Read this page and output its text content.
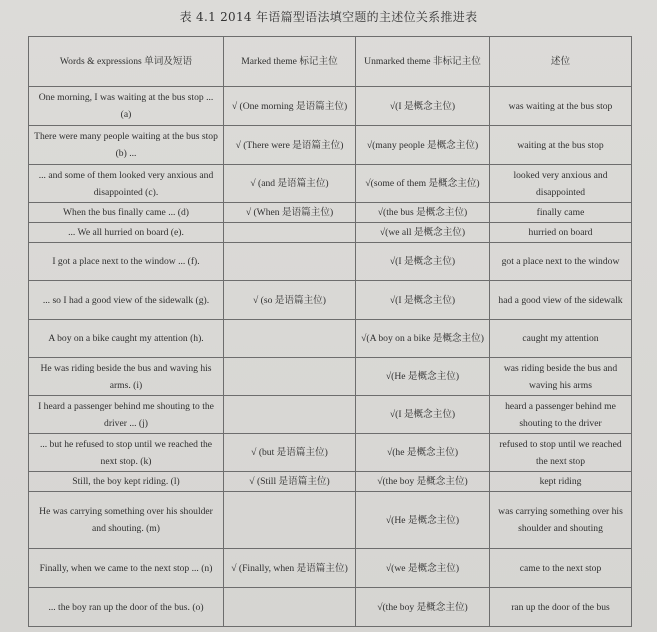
表 4.1 2014 年语篇型语法填空题的主述位关系推进表
Words & expressions 单词及短语	Marked theme 标记主位	Unmarked theme 非标记主位	述位
One morning, I was waiting at the bus stop ... (a)	√ (One morning 是语篇主位)	√(I 是概念主位)	was waiting at the bus stop
There were many people waiting at the bus stop (b) ...	√ (There were 是语篇主位)	√(many people 是概念主位)	waiting at the bus stop
... and some of them looked very anxious and disappointed (c).	√ (and 是语篇主位)	√(some of them 是概念主位)	looked very anxious and disappointed
When the bus finally came ... (d)	√ (When 是语篇主位)	√(the bus 是概念主位)	finally came
... We all hurried on board (e).		√(we all 是概念主位)	hurried on board
I got a place next to the window ... (f).		√(I 是概念主位)	got a place next to the window
... so I had a good view of the sidewalk (g).	√ (so 是语篇主位)	√(I 是概念主位)	had a good view of the sidewalk
A boy on a bike caught my attention (h).		√(A boy on a bike 是概念主位)	caught my attention
He was riding beside the bus and waving his arms. (i)		√(He 是概念主位)	was riding beside the bus and waving his arms
I heard a passenger behind me shouting to the driver ... (j)		√(I 是概念主位)	heard a passenger behind me shouting to the driver
... but he refused to stop until we reached the next stop. (k)	√ (but 是语篇主位)	√(he 是概念主位)	refused to stop until we reached the next stop
Still, the boy kept riding. (l)	√ (Still 是语篇主位)	√(the boy 是概念主位)	kept riding
He was carrying something over his shoulder and shouting. (m)		√(He 是概念主位)	was carrying something over his shoulder and shouting
Finally, when we came to the next stop ... (n)	√ (Finally, when 是语篇主位)	√(we 是概念主位)	came to the next stop
... the boy ran up the door of the bus. (o)		√(the boy 是概念主位)	ran up the door of the bus
